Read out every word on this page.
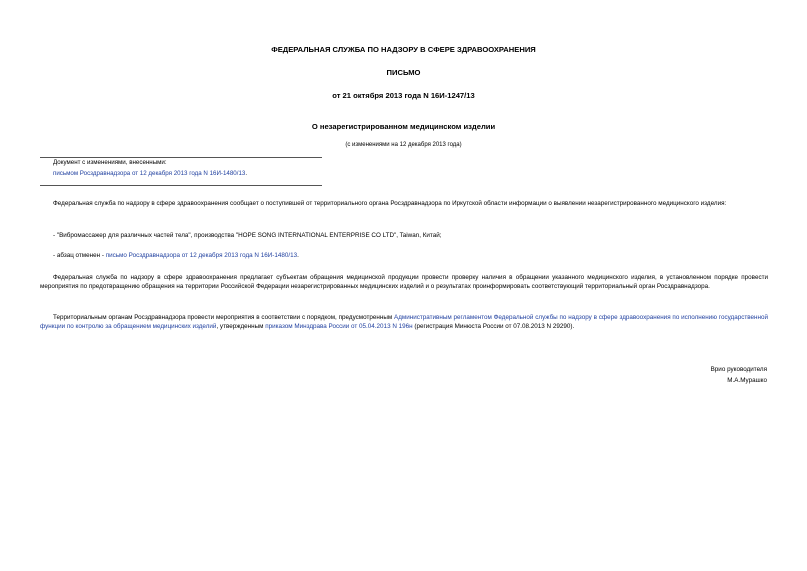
ФЕДЕРАЛЬНАЯ СЛУЖБА ПО НАДЗОРУ В СФЕРЕ ЗДРАВООХРАНЕНИЯ
ПИСЬМО
от 21 октября 2013 года N 16И-1247/13
О незарегистрированном медицинском изделии
(с изменениями на 12 декабря 2013 года)
Документ с изменениями, внесенными:
письмом Росздравнадзора от 12 декабря 2013 года N 16И-1480/13.
Федеральная служба по надзору в сфере здравоохранения сообщает о поступившей от территориального органа Росздравнадзора по Иркутской области информации о выявлении незарегистрированного медицинского изделия:
- "Вибромассажер для различных частей тела", производства "HOPE SONG INTERNATIONAL ENTERPRISE CO LTD", Taiwan, Китай;
- абзац отменен - письмо Росздравнадзора от 12 декабря 2013 года N 16И-1480/13.
Федеральная служба по надзору в сфере здравоохранения предлагает субъектам обращения медицинской продукции провести проверку наличия в обращении указанного медицинского изделия, в установленном порядке провести мероприятия по предотвращению обращения на территории Российской Федерации незарегистрированных медицинских изделий и о результатах проинформировать соответствующий территориальный орган Росздравнадзора.
Территориальным органам Росздравнадзора провести мероприятия в соответствии с порядком, предусмотренным Административным регламентом Федеральной службы по надзору в сфере здравоохранения по исполнению государственной функции по контролю за обращением медицинских изделий, утвержденным приказом Минздрава России от 05.04.2013 N 196н (регистрация Минюста России от 07.08.2013 N 29290).
Врио руководителя
М.А.Мурашко
